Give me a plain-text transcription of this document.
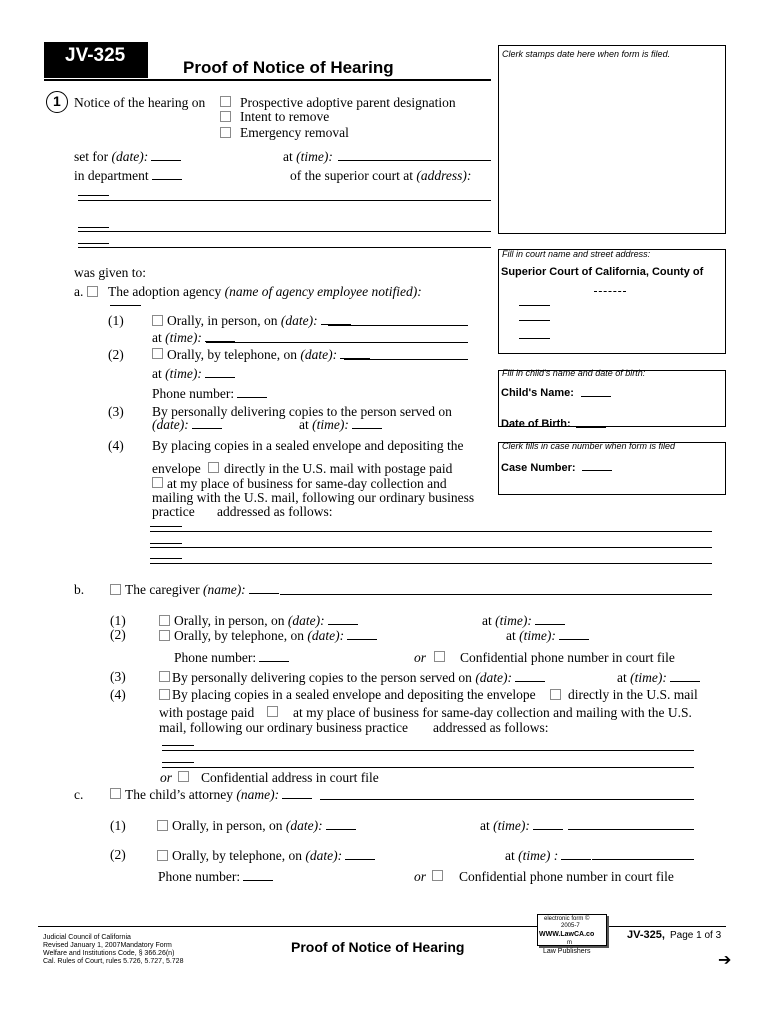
JV-325
Proof of Notice of Hearing
Clerk stamps date here when form is filed.
Fill in court name and street address:
Superior Court of California, County of
Fill in child's name and date of birth:
Child's Name:
Date of Birth:
Clerk fills in case number when form is filed
Case Number:
1 Notice of the hearing on	Prospective adoptive parent designation
Intent to remove
Emergency removal
set for (date):	at (time):
in department	of the superior court at (address):
was given to:
a. The adoption agency (name of agency employee notified):
(1)	Orally, in person, on (date):
at (time):
(2)	Orally, by telephone, on (date):
at (time):
Phone number:
(3) By personally delivering copies to the person served on
(date):	at (time):
(4) By placing copies in a sealed envelope and depositing the
envelope directly in the U.S. mail with postage paid
at my place of business for same-day collection and
mailing with the U.S. mail, following our ordinary business
practice addressed as follows:
b.	The caregiver (name):
(1)	Orally, in person, on (date):	at (time):
(2)	Orally, by telephone, on (date):	at (time):
Phone number:	or	Confidential phone number in court file
(3)	By personally delivering copies to the person served on (date):	at (time):
(4)	By placing copies in a sealed envelope and depositing the envelope directly in the U.S. mail
with postage paid	at my place of business for same-day collection and mailing with the U.S.
mail, following our ordinary business practice addressed as follows:
or Confidential address in court file
c.	The child’s attorney (name):
(1)	Orally, in person, on (date):	at (time):
(2)	Orally, by telephone, on (date):	at (time) :
Phone number:	or Confidential phone number in court file
Judicial Council of California
Revised January 1, 2007Mandatory Form
Welfare and Institutions Code, § 366.26(n)
Cal. Rules of Court, rules 5.726, 5.727, 5.728
Proof of Notice of Hearing
electronic form ©
2005-7
WWW.LawCA.co
m
Law Publishers
JV-325, Page 1 of 3
➔
